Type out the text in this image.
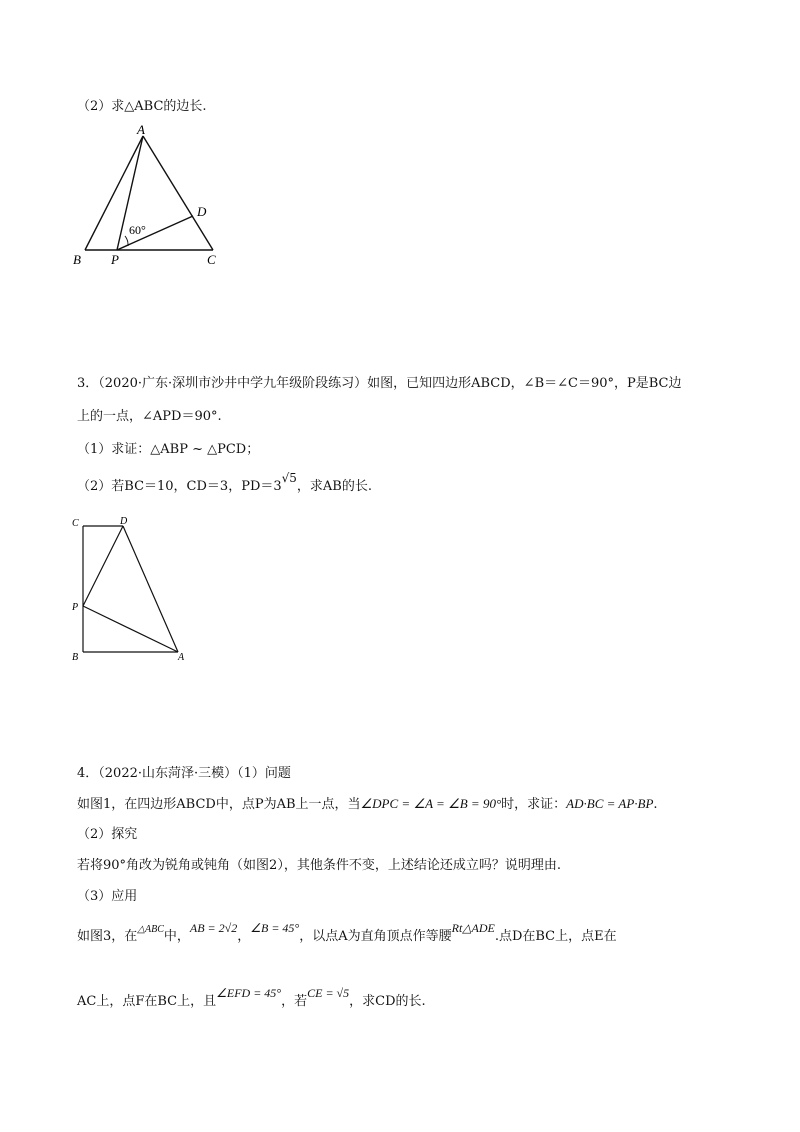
（2）求△ABC的边长.
A
B P	C
D
60°
3．（2020·广东·深圳市沙井中学九年级阶段练习）如图，已知四边形ABCD，∠B＝∠C＝90°，P是BC边
上的一点，∠APD＝90°.
（1）求证：△ABP ~ △PCD；
（2）若BC＝10，CD＝3，PD＝3√5，求AB的长.
C	D
P
B	A
4．（2022·山东菏泽·三模）（1）问题
如图1，在四边形ABCD中，点P为AB上一点，当∠DPC = ∠A = ∠B = 90°时，求证：AD·BC = AP·BP.
（2）探究
若将90°角改为锐角或钝角（如图2），其他条件不变，上述结论还成立吗？说明理由.
（3）应用
如图3，在$^{\triangle ABC}$中，AB = 2√2，∠B = 45°，以点A为直角顶点作等腰Rt△ADE.点D在BC上，点E在
AC上，点F在BC上，且∠EFD = 45°，若CE = √5，求CD的长.
